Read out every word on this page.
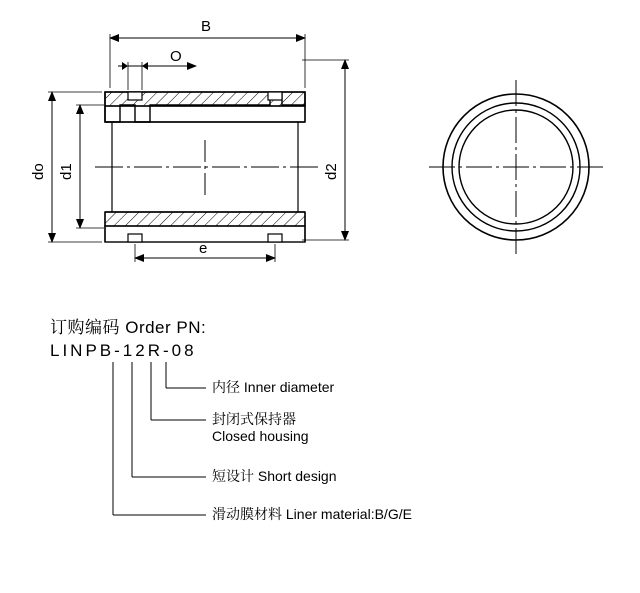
B
O
do d1	d2
e
订购编码 Order PN:
LINPB-12R-08
内径 Inner diameter
封闭式保持器
Closed housing
短设计 Short design
滑动膜材料 Liner material:B/G/E
